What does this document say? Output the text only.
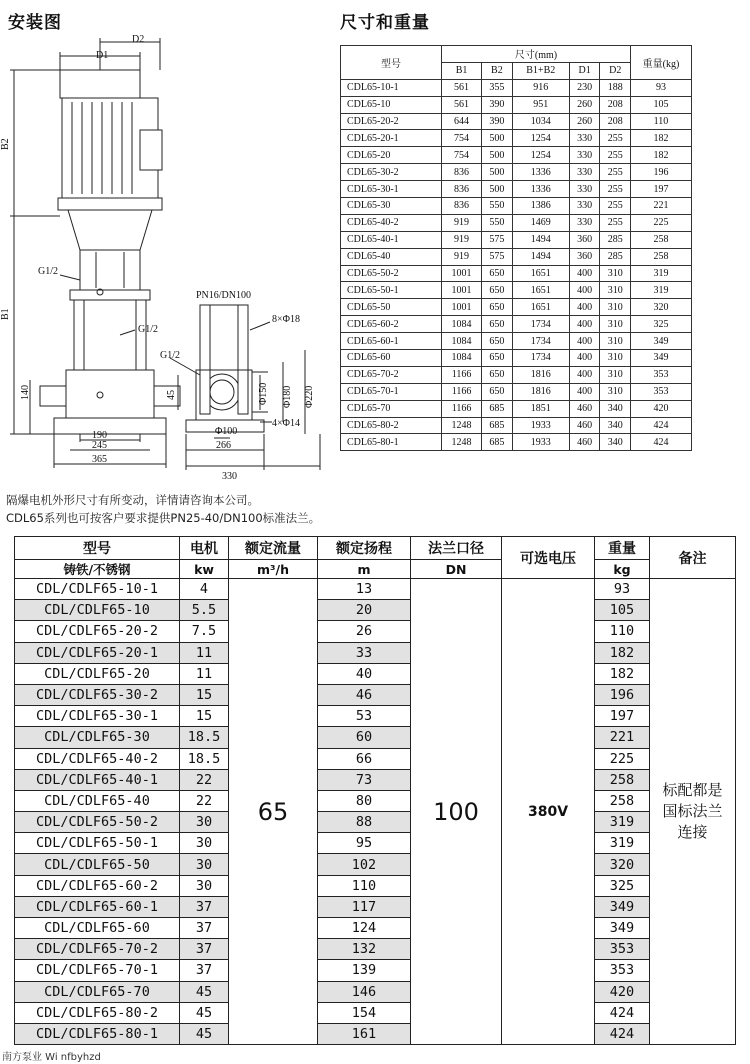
安装图	尺寸和重量
D2
D1
B2
B1
G1/2
G1/2
G1/2
140
190
245
365
PN16/DN100
8×Φ18
Φ150 Φ180 Φ220
45
Φ100
4×Φ14
266
330
型号	尺寸(mm)					重量(kg)
	B1	B2	B1+B2	D1	D2	
CDL65-10-1	561	355	916	230	188	93
CDL65-10	561	390	951	260	208	105
CDL65-20-2	644	390	1034	260	208	110
CDL65-20-1	754	500	1254	330	255	182
CDL65-20	754	500	1254	330	255	182
CDL65-30-2	836	500	1336	330	255	196
CDL65-30-1	836	500	1336	330	255	197
CDL65-30	836	550	1386	330	255	221
CDL65-40-2	919	550	1469	330	255	225
CDL65-40-1	919	575	1494	360	285	258
CDL65-40	919	575	1494	360	285	258
CDL65-50-2	1001	650	1651	400	310	319
CDL65-50-1	1001	650	1651	400	310	319
CDL65-50	1001	650	1651	400	310	320
CDL65-60-2	1084	650	1734	400	310	325
CDL65-60-1	1084	650	1734	400	310	349
CDL65-60	1084	650	1734	400	310	349
CDL65-70-2	1166	650	1816	400	310	353
CDL65-70-1	1166	650	1816	400	310	353
CDL65-70	1166	685	1851	460	340	420
CDL65-80-2	1248	685	1933	460	340	424
CDL65-80-1	1248	685	1933	460	340	424
隔爆电机外形尺寸有所变动，详情请咨询本公司。
CDL65系列也可按客户要求提供PN25-40/DN100标准法兰。
型号	电机	额定流量	额定扬程	法兰口径	可选电压	重量	备注
铸铁/不锈钢	kw	m³/h	m	DN		kg	
CDL/CDLF65-10-1	4	65	13	100	380V	93	标配都是
国标法兰
连接

CDL/CDLF65-10	5.5		20			105	
CDL/CDLF65-20-2	7.5		26			110	
CDL/CDLF65-20-1	11		33			182	
CDL/CDLF65-20	11		40			182	
CDL/CDLF65-30-2	15		46			196	
CDL/CDLF65-30-1	15		53			197	
CDL/CDLF65-30	18.5		60			221	
CDL/CDLF65-40-2	18.5		66			225	
CDL/CDLF65-40-1	22		73			258	
CDL/CDLF65-40	22		80			258	
CDL/CDLF65-50-2	30		88			319	
CDL/CDLF65-50-1	30		95			319	
CDL/CDLF65-50	30		102			320	
CDL/CDLF65-60-2	30		110			325	
CDL/CDLF65-60-1	37		117			349	
CDL/CDLF65-60	37		124			349	
CDL/CDLF65-70-2	37		132			353	
CDL/CDLF65-70-1	37		139			353	
CDL/CDLF65-70	45		146			420	
CDL/CDLF65-80-2	45		154			424	
CDL/CDLF65-80-1	45		161			424	
南方泵业 Wi nfbyhzd
